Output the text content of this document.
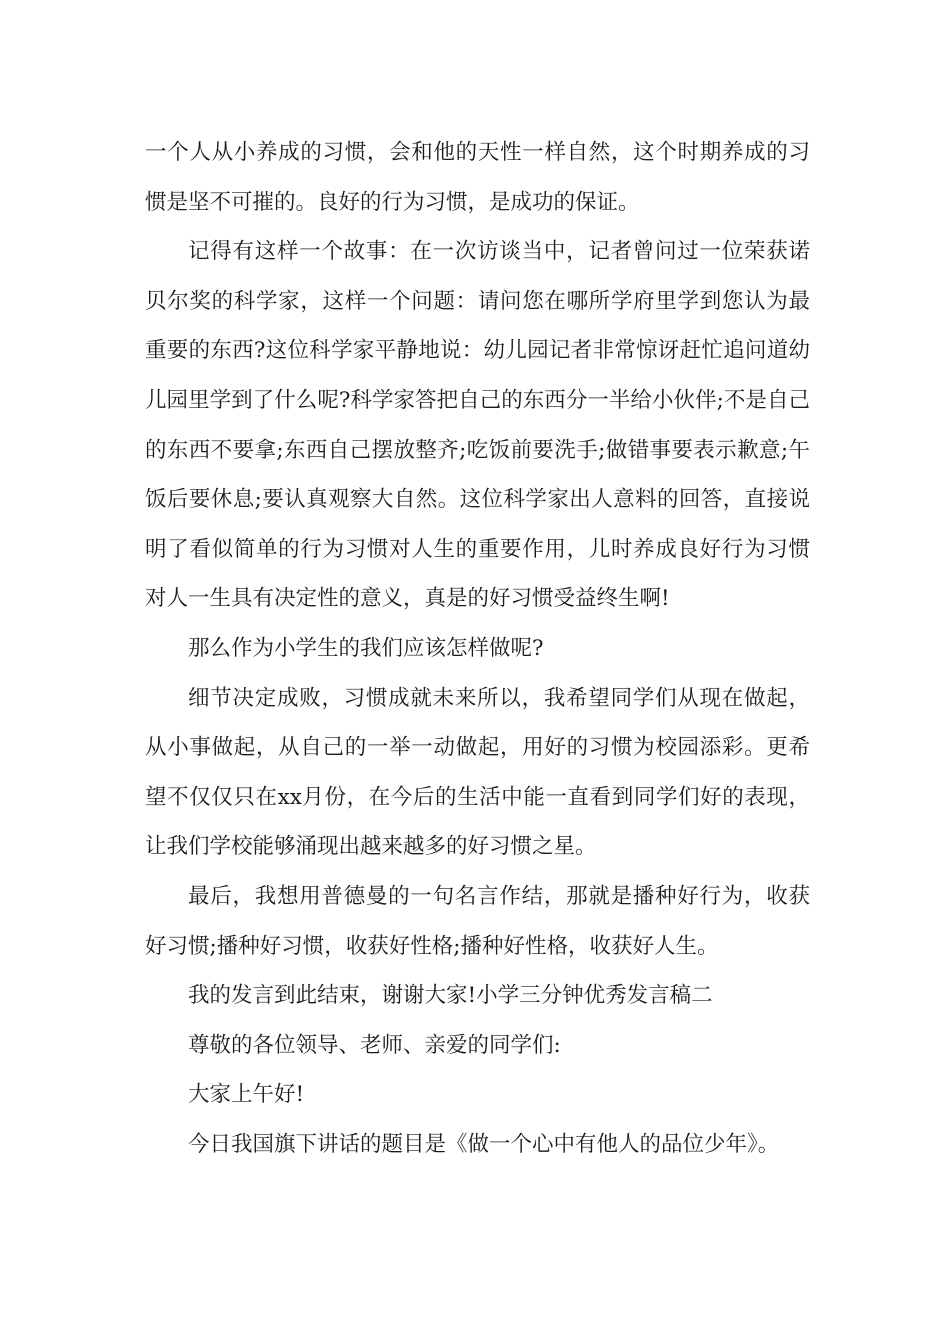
一个人从小养成的习惯，会和他的天性一样自然，这个时期养成的习惯是坚不可摧的。良好的行为习惯，是成功的保证。

记得有这样一个故事：在一次访谈当中，记者曾问过一位荣获诺贝尔奖的科学家，这样一个问题：请问您在哪所学府里学到您认为最重要的东西?这位科学家平静地说：幼儿园记者非常惊讶赶忙追问道幼儿园里学到了什么呢?科学家答把自己的东西分一半给小伙伴;不是自己的东西不要拿;东西自己摆放整齐;吃饭前要洗手;做错事要表示歉意;午饭后要休息;要认真观察大自然。这位科学家出人意料的回答，直接说明了看似简单的行为习惯对人生的重要作用，儿时养成良好行为习惯对人一生具有决定性的意义，真是的好习惯受益终生啊!

那么作为小学生的我们应该怎样做呢?

细节决定成败，习惯成就未来所以，我希望同学们从现在做起，从小事做起，从自己的一举一动做起，用好的习惯为校园添彩。更希望不仅仅只在xx月份，在今后的生活中能一直看到同学们好的表现，让我们学校能够涌现出越来越多的好习惯之星。

最后，我想用普德曼的一句名言作结，那就是播种好行为，收获好习惯;播种好习惯，收获好性格;播种好性格，收获好人生。

我的发言到此结束，谢谢大家!小学三分钟优秀发言稿二

尊敬的各位领导、老师、亲爱的同学们:

大家上午好!

今日我国旗下讲话的题目是《做一个心中有他人的品位少年》。
